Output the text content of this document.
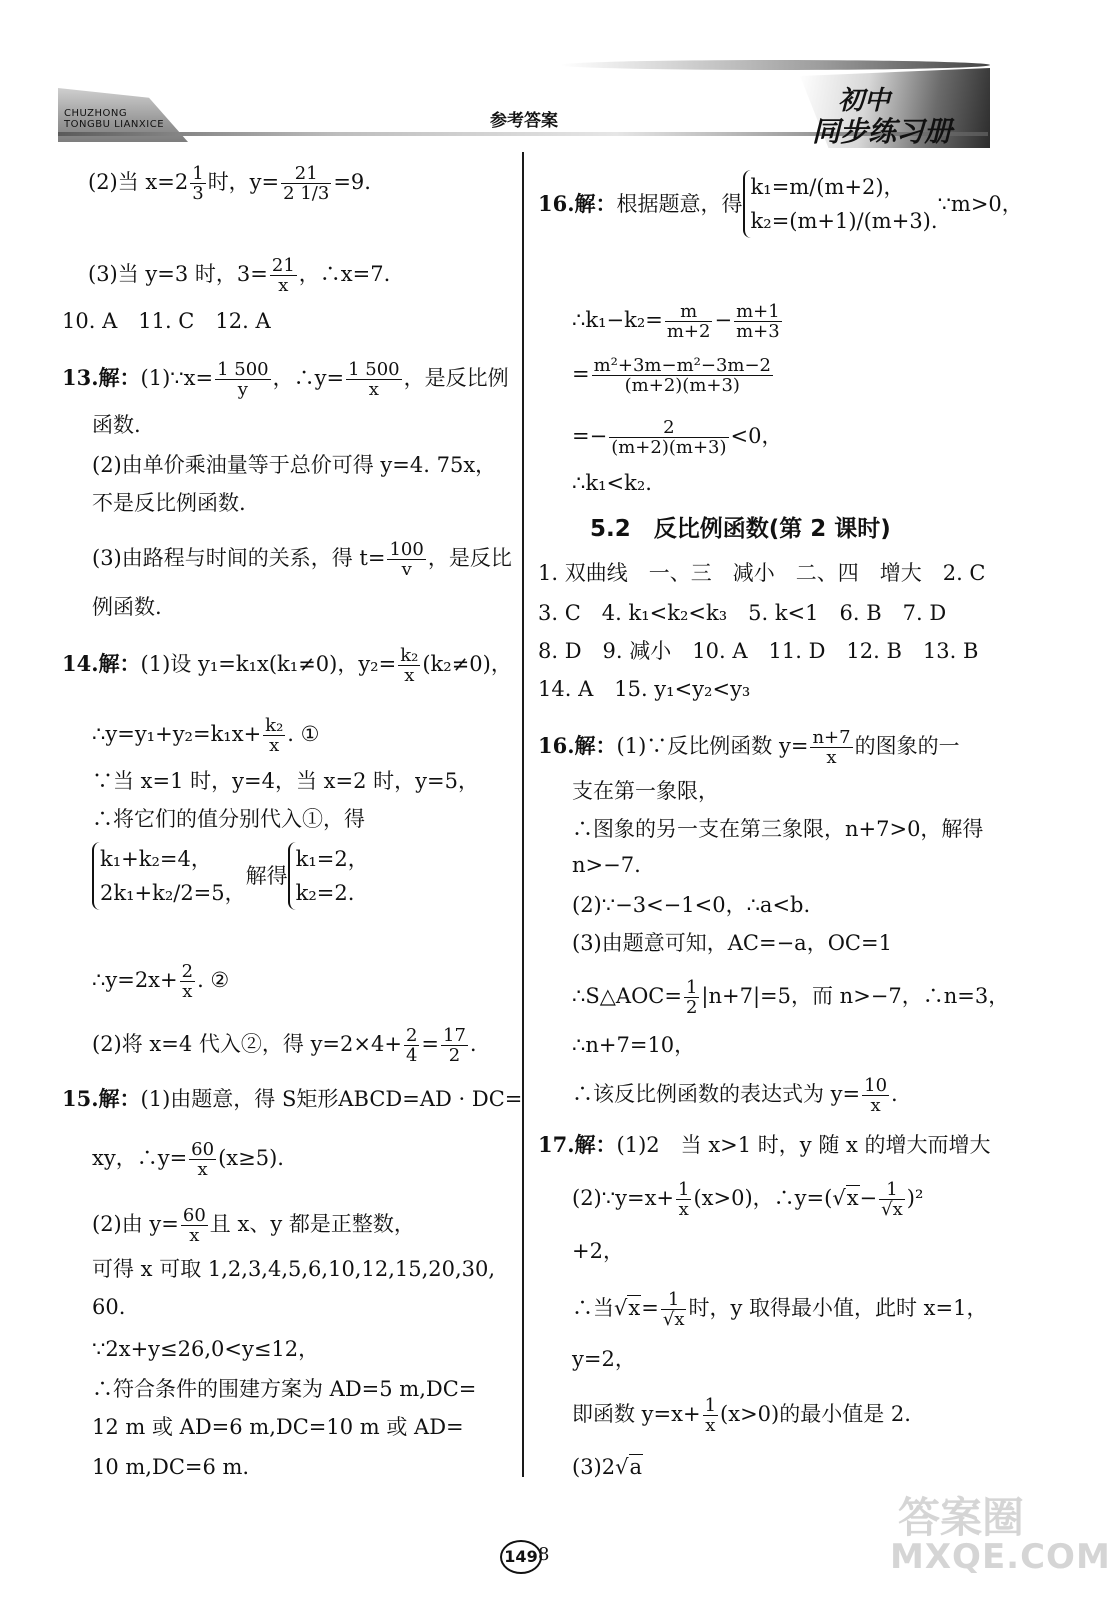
CHUZHONG
TONGBU LIANXICE	参考答案
初中
同步练习册
(2)当 $x=2 \frac{1}{3}$ 时，$y= \frac{21}{2 1/3} =9$.
(3)当 y=3 时，$3= \frac{21}{x}$ ，∴x=7.
10. A　11. C　12. A
13.解：(1)∵x= $\frac{1 500}{y}$ ，∴y= $\frac{1 500}{x}$ ，是反比例
函数.
(2)由单价乘油量等于总价可得 y=4. 75x，
不是反比例函数.
(3)由路程与时间的关系，得 $t= \frac{100}{v}$ ，是反比
例函数.
14.解：(1)设 y₁=k₁x(k₁≠0)，$y_2= \frac{\text{k₂}}{x} (k_2\ne 0)$，
∴y=y₁+y₂=k₁x+ $\frac{\text{k₂}}{x}$ . ①
∵当 x=1 时，y=4，当 x=2 时，y=5，
∴将它们的值分别代入①，得
k₁+k₂=4，
2k₁+k₂/2=5，
解得
k₁=2，
k₂=2.
∴y=2x+ $\frac{2}{x}$ . ②
(2)将 x=4 代入②，得 $y=2\times 4+ \frac{2}{4} = \frac{17}{2}$ .
15.解：(1)由题意，得 S矩形ABCD=AD · DC=
xy，∴y= $\frac{60}{x} (x\ge 5)$.
(2)由 $y= \frac{60}{x}$ 且 x、y 都是正整数，
可得 x 可取 1,2,3,4,5,6,10,12,15,20,30,
60.
∵2x+y≤26,0<y≤12，
∴符合条件的围建方案为 AD=5 m,DC=
12 m 或 AD=6 m,DC=10 m 或 AD=
10 m,DC=6 m.
16.解：根据题意，得
k₁=m/(m+2)，
k₂=(m+1)/(m+3).
∵m>0，
∴k₁−k₂= $\frac{m}{m+2} - \frac{m+1}{m+3}$
= $\frac{\text{m²+3m−m²−3m−2}}{(m+2)(m+3)}$
=− $\frac{2}{(m+2)(m+3)} <0$，
∴k₁<k₂.
5.2　反比例函数(第 2 课时)
1. 双曲线　一、三　减小　二、四　增大　2. C
3. C　4. k₁<k₂<k₃　5. k<1　6. B　7. D
8. D　9. 减小　10. A　11. D　12. B　13. B
14. A　15. y₁<y₂<y₃
16.解：(1)∵反比例函数 $y= \frac{n+7}{x}$ 的图象的一
支在第一象限，
∴图象的另一支在第三象限，n+7>0，解得
n>−7.
(2)∵−3<−1<0，∴a<b.
(3)由题意可知，AC=−a，OC=1
∴S△AOC= $\frac{1}{2} |n+7|=5$，而 n>−7，∴n=3，
∴n+7=10，
∴该反比例函数的表达式为 $y= \frac{10}{x}$ .
17.解：(1)2　当 x>1 时，y 随 x 的增大而增大
(2)∵y=x+ $\frac{1}{x} (x>0)$，∴y=(√x− $\frac{1}{√x} )^2$
+2，
∴当$√x= \frac{1}{√x}$ 时，y 取得最小值，此时 x=1，
y=2，
即函数 $y=x+ \frac{1}{x} (x>0)$的最小值是 2.
(3)2√a
149 8
答案圈
MXQE.COM
